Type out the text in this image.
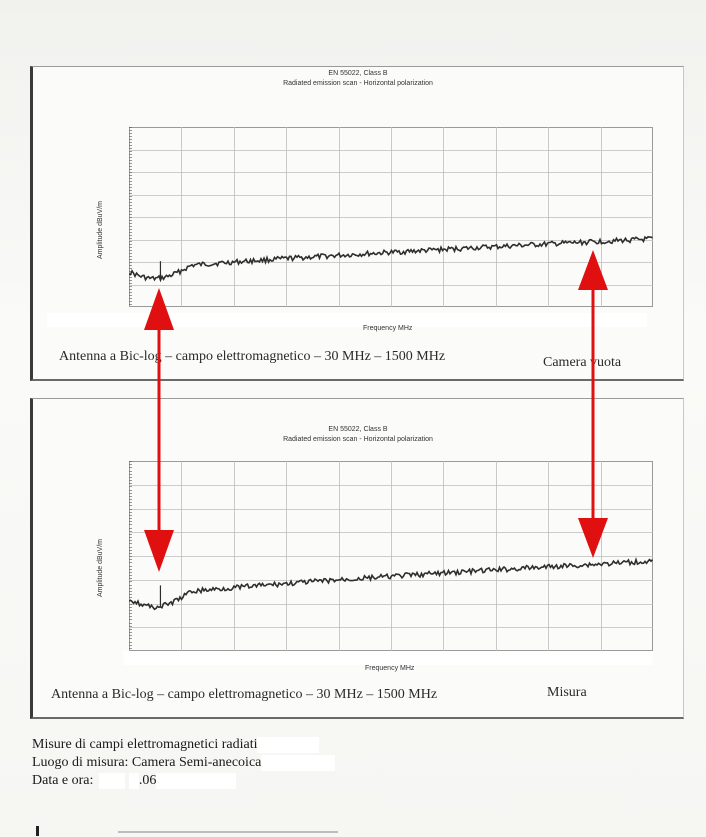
EN 55022, Class B
Radiated emission scan - Horizontal polarization
Amplitude dBuV/m
Frequency MHz
Antenna a Bic-log – campo elettromagnetico – 30 MHz – 1500 MHz	Camera vuota
EN 55022, Class B
Radiated emission scan - Horizontal polarization
Amplitude dBuV/m
Frequency MHz
Antenna a Bic-log – campo elettromagnetico – 30 MHz – 1500 MHz	Misura
Misure di campi elettromagnetici radiati
Luogo di misura: Camera Semi-anecoica
Data e ora:	.06
